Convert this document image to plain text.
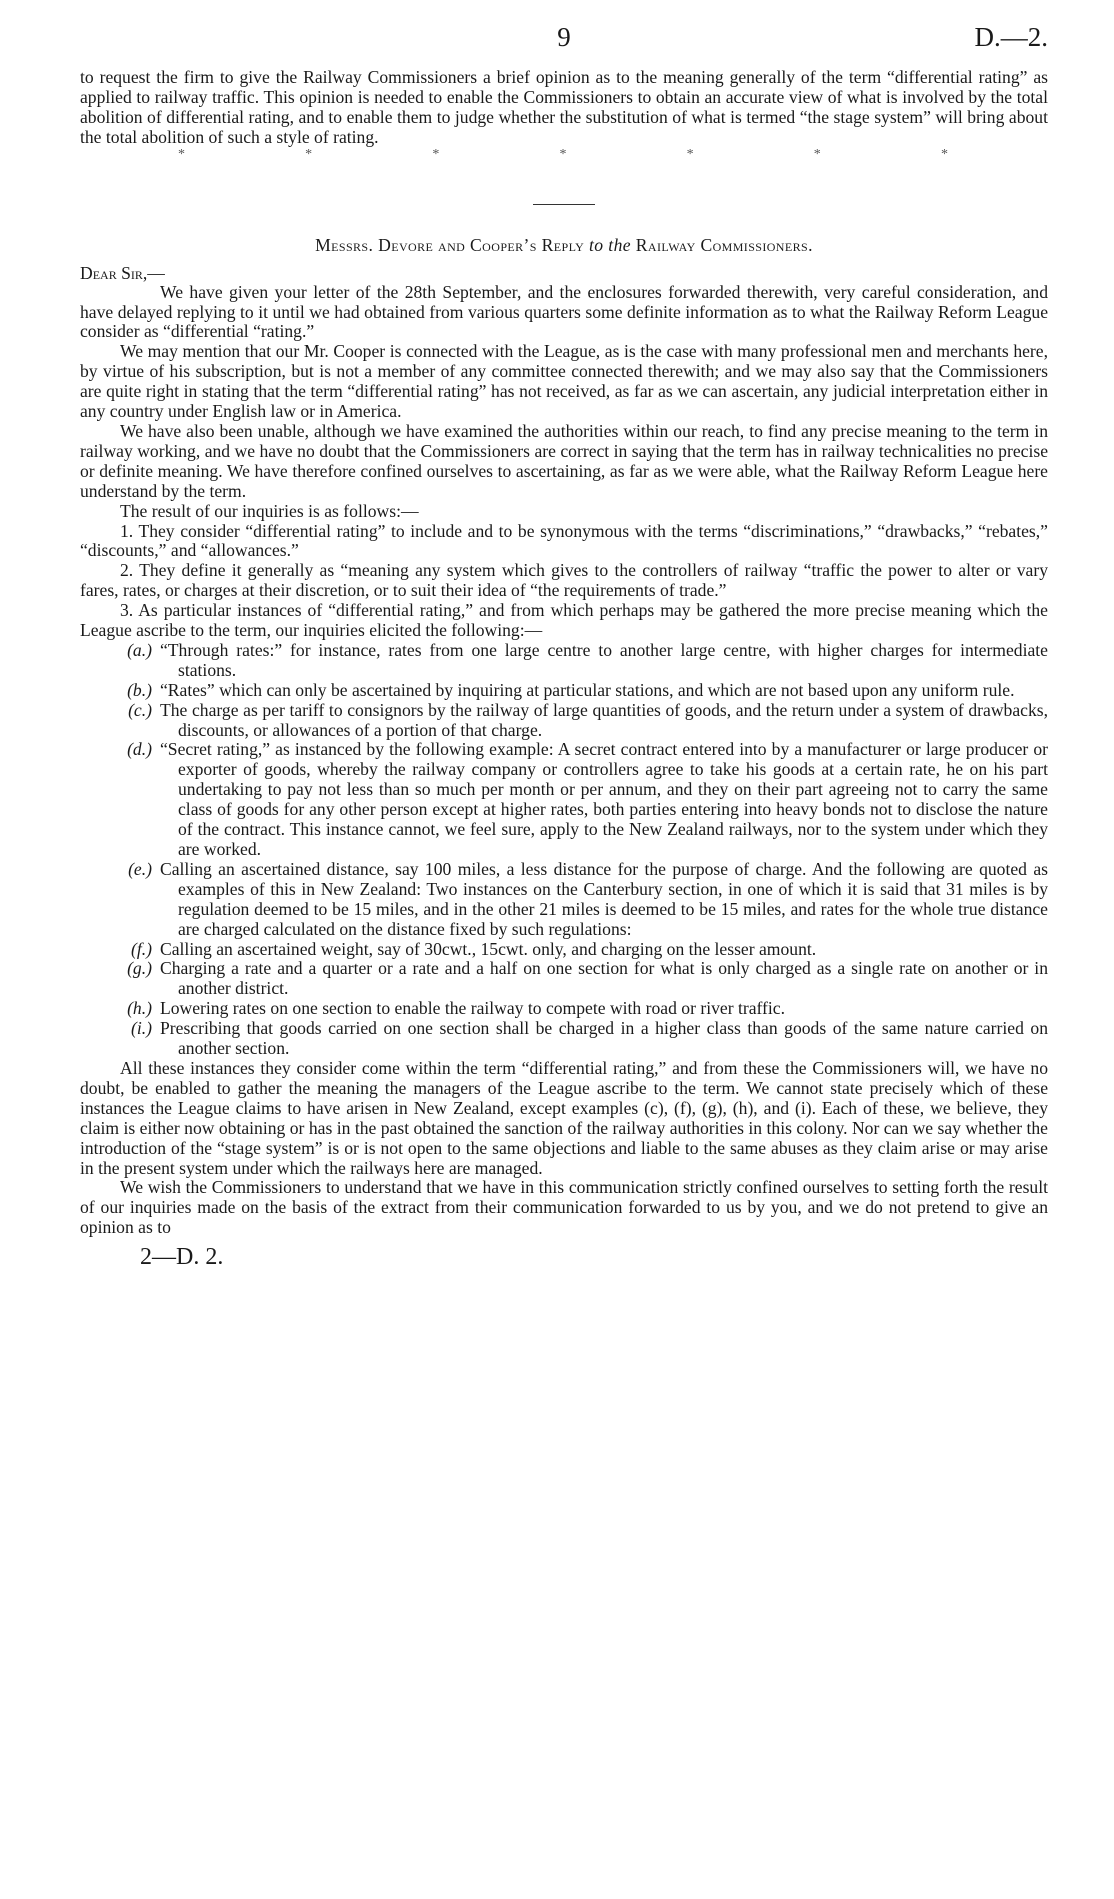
9	D.—2.

to request the firm to give the Railway Commissioners a brief opinion as to the meaning generally of the term “differential rating” as applied to railway traffic. This opinion is needed to enable the Commissioners to obtain an accurate view of what is involved by the total abolition of differential rating, and to enable them to judge whether the substitution of what is termed “the stage system” will bring about the total abolition of such a style of rating.

*	*	*	*	*	*	*
Messrs. Devore and Cooper’s Reply to the Railway Commissioners.

Dear Sir,—

We have given your letter of the 28th September, and the enclosures forwarded therewith, very careful consideration, and have delayed replying to it until we had obtained from various quarters some definite information as to what the Railway Reform League consider as “differential “rating.”

We may mention that our Mr. Cooper is connected with the League, as is the case with many professional men and merchants here, by virtue of his subscription, but is not a member of any committee connected therewith; and we may also say that the Commissioners are quite right in stating that the term “differential rating” has not received, as far as we can ascertain, any judicial interpretation either in any country under English law or in America.

We have also been unable, although we have examined the authorities within our reach, to find any precise meaning to the term in railway working, and we have no doubt that the Commissioners are correct in saying that the term has in railway technicalities no precise or definite meaning. We have therefore confined ourselves to ascertaining, as far as we were able, what the Railway Reform League here understand by the term.

The result of our inquiries is as follows:—

1. They consider “differential rating” to include and to be synonymous with the terms “discriminations,” “drawbacks,” “rebates,” “discounts,” and “allowances.”

2. They define it generally as “meaning any system which gives to the controllers of railway “traffic the power to alter or vary fares, rates, or charges at their discretion, or to suit their idea of “the requirements of trade.”

3. As particular instances of “differential rating,” and from which perhaps may be gathered the more precise meaning which the League ascribe to the term, our inquiries elicited the following:—

(a.) “Through rates:” for instance, rates from one large centre to another large centre, with higher charges for intermediate stations.
(b.) “Rates” which can only be ascertained by inquiring at particular stations, and which are not based upon any uniform rule.
(c.) The charge as per tariff to consignors by the railway of large quantities of goods, and the return under a system of drawbacks, discounts, or allowances of a portion of that charge.
(d.) “Secret rating,” as instanced by the following example: A secret contract entered into by a manufacturer or large producer or exporter of goods, whereby the railway company or controllers agree to take his goods at a certain rate, he on his part undertaking to pay not less than so much per month or per annum, and they on their part agreeing not to carry the same class of goods for any other person except at higher rates, both parties entering into heavy bonds not to disclose the nature of the contract. This instance cannot, we feel sure, apply to the New Zealand railways, nor to the system under which they are worked.
(e.) Calling an ascertained distance, say 100 miles, a less distance for the purpose of charge. And the following are quoted as examples of this in New Zealand: Two instances on the Canterbury section, in one of which it is said that 31 miles is by regulation deemed to be 15 miles, and in the other 21 miles is deemed to be 15 miles, and rates for the whole true distance are charged calculated on the distance fixed by such regulations:
(f.) Calling an ascertained weight, say of 30cwt., 15cwt. only, and charging on the lesser amount.
(g.) Charging a rate and a quarter or a rate and a half on one section for what is only charged as a single rate on another or in another district.
(h.) Lowering rates on one section to enable the railway to compete with road or river traffic.
(i.) Prescribing that goods carried on one section shall be charged in a higher class than goods of the same nature carried on another section.

All these instances they consider come within the term “differential rating,” and from these the Commissioners will, we have no doubt, be enabled to gather the meaning the managers of the League ascribe to the term. We cannot state precisely which of these instances the League claims to have arisen in New Zealand, except examples (c), (f), (g), (h), and (i). Each of these, we believe, they claim is either now obtaining or has in the past obtained the sanction of the railway authorities in this colony. Nor can we say whether the introduction of the “stage system” is or is not open to the same objections and liable to the same abuses as they claim arise or may arise in the present system under which the railways here are managed.

We wish the Commissioners to understand that we have in this communication strictly confined ourselves to setting forth the result of our inquiries made on the basis of the extract from their communication forwarded to us by you, and we do not pretend to give an opinion as to

2—D. 2.
